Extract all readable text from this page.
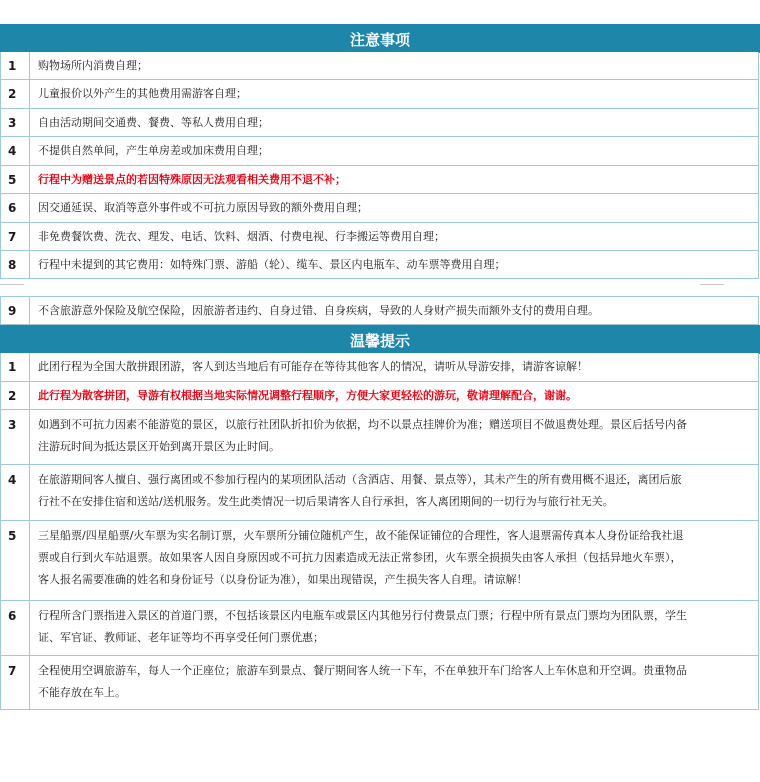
注意事项
1	购物场所内消费自理；
2	儿童报价以外产生的其他费用需游客自理；
3	自由活动期间交通费、餐费、等私人费用自理；
4	不提供自然单间，产生单房差或加床费用自理；
5	行程中为赠送景点的若因特殊原因无法观看相关费用不退不补；
6	因交通延误、取消等意外事件或不可抗力原因导致的额外费用自理；
7	非免费餐饮费、洗衣、理发、电话、饮料、烟酒、付费电视、行李搬运等费用自理；
8	行程中未提到的其它费用：如特殊门票、游船（轮）、缆车、景区内电瓶车、动车票等费用自理；
9	不含旅游意外保险及航空保险，因旅游者违约、自身过错、自身疾病，导致的人身财产损失而额外支付的费用自理。
温馨提示
1	此团行程为全国大散拼跟团游，客人到达当地后有可能存在等待其他客人的情况，请听从导游安排，请游客谅解！
2	此行程为散客拼团，导游有权根据当地实际情况调整行程顺序，方便大家更轻松的游玩，敬请理解配合，谢谢。
3	如遇到不可抗力因素不能游览的景区，以旅行社团队折扣价为依据，均不以景点挂牌价为准；赠送项目不做退费处理。景区后括号内备
注游玩时间为抵达景区开始到离开景区为止时间。
4	在旅游期间客人擅自、强行离团或不参加行程内的某项团队活动（含酒店、用餐、景点等），其未产生的所有费用概不退还，离团后旅
行社不在安排住宿和送站/送机服务。发生此类情况一切后果请客人自行承担，客人离团期间的一切行为与旅行社无关。
5	三星船票/四星船票/火车票为实名制订票，火车票所分铺位随机产生，故不能保证铺位的合理性，客人退票需传真本人身份证给我社退
票或自行到火车站退票。故如果客人因自身原因或不可抗力因素造成无法正常参团，火车票全损损失由客人承担（包括异地火车票），
客人报名需要准确的姓名和身份证号（以身份证为准），如果出现错误，产生损失客人自理。请谅解！
6	行程所含门票指进入景区的首道门票，不包括该景区内电瓶车或景区内其他另行付费景点门票；行程中所有景点门票均为团队票，学生
证、军官证、教师证、老年证等均不再享受任何门票优惠；
7	全程使用空调旅游车，每人一个正座位；旅游车到景点、餐厅期间客人统一下车，不在单独开车门给客人上车休息和开空调。贵重物品
不能存放在车上。
